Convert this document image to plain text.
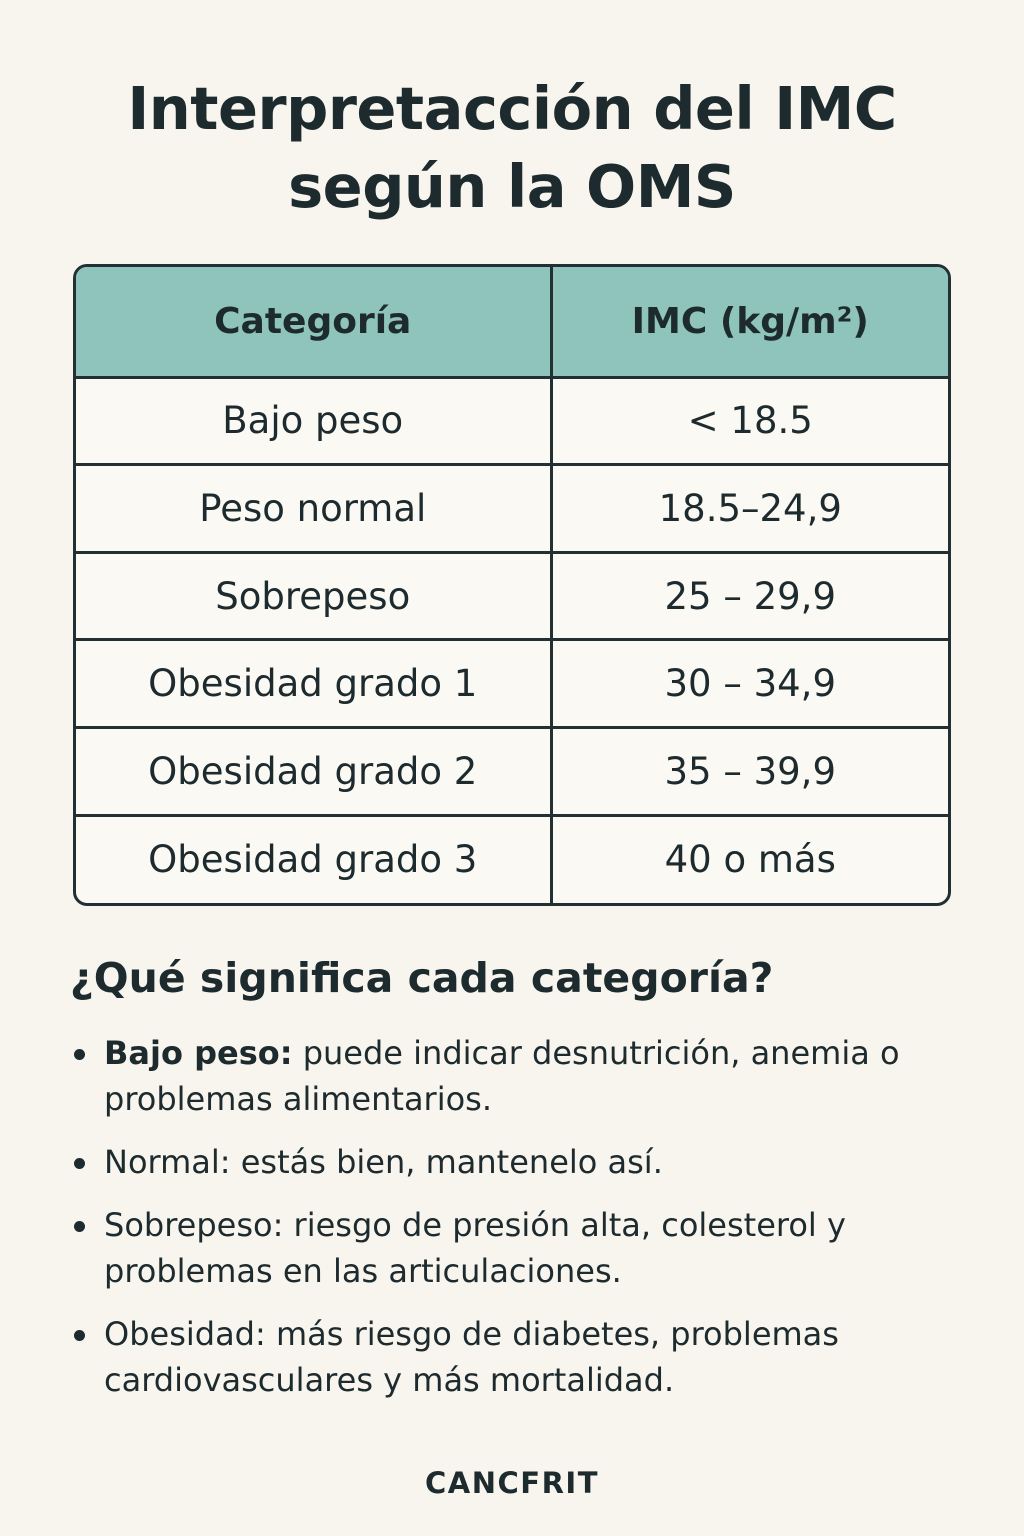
Interpretacción del IMC
según la OMS
Categoría	IMC (kg/m²)
Bajo peso	< 18.5
Peso normal	18.5–24,9
Sobrepeso	25 – 29,9
Obesidad grado 1	30 – 34,9
Obesidad grado 2	35 – 39,9
Obesidad grado 3	40 o más
¿Qué significa cada categoría?
Bajo peso: puede indicar desnutrición, anemia o problemas alimentarios.
Normal: estás bien, mantenelo así.
Sobrepeso: riesgo de presión alta, colesterol y problemas en las articulaciones.
Obesidad: más riesgo de diabetes, problemas cardiovasculares y más mortalidad.

CANCFRIT
